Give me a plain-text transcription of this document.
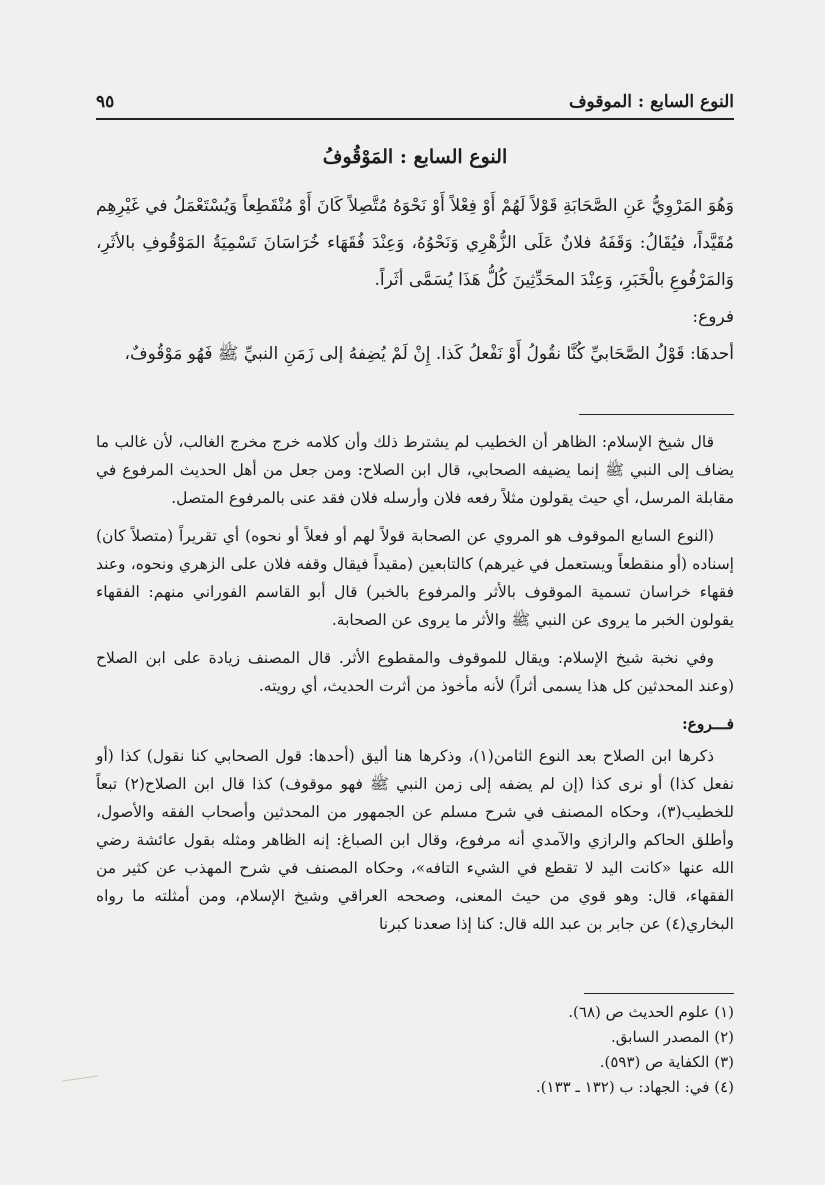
النوع السابع : الموقوف
٩٥
النوع السابع : المَوْقُوفُ

وَهُوَ المَرْوِيُّ عَنِ الصَّحَابَةِ قَوْلاً لَهُمْ أَوْ فِعْلاً أَوْ نَحْوَهُ مُتَّصِلاً كَانَ أَوْ مُنْقَطِعاً وَيُسْتَعْمَلُ في غَيْرِهِم مُقَيَّداً، فيُقَالُ: وَقَفَهُ فلانٌ عَلَى الزُّهْرِي وَنَحْوُهُ، وَعِنْدَ فُقَهَاء خُرَاسَانَ تَسْمِيَةُ المَوْقُوفِ بالأثَرِ، وَالمَرْفُوعِ بالْخَبَرِ، وَعِنْدَ المحَدِّثِينَ كُلُّ هَذَا يُسَمَّى أثَراً.

فروع:

أحدهَا: قَوْلُ الصَّحَابيِّ كُنَّا نقُولُ أَوْ نَفْعلُ كَذا. إِنْ لَمْ يُضِفهُ إلى زَمَنِ النبيِّ ﷺ فَهُو مَوْقُوفٌ،

قال شيخ الإسلام: الظاهر أن الخطيب لم يشترط ذلك وأن كلامه خرج مخرج الغالب، لأن غالب ما يضاف إلى النبي ﷺ إنما يضيفه الصحابي، قال ابن الصلاح: ومن جعل من أهل الحديث المرفوع في مقابلة المرسل، أي حيث يقولون مثلاً رفعه فلان وأرسله فلان فقد عنى بالمرفوع المتصل.

(النوع السابع الموقوف هو المروي عن الصحابة قولاً لهم أو فعلاً أو نحوه) أي تقريراً (متصلاً كان) إسناده (أو منقطعاً ويستعمل في غيرهم) كالتابعين (مقيداً فيقال وقفه فلان على الزهري ونحوه، وعند فقهاء خراسان تسمية الموقوف بالأثر والمرفوع بالخبر) قال أبو القاسم الفوراني منهم: الفقهاء يقولون الخبر ما يروى عن النبي ﷺ والأثر ما يروى عن الصحابة.

وفي نخبة شيخ الإسلام: ويقال للموقوف والمقطوع الأثر. قال المصنف زيادة على ابن الصلاح (وعند المحدثين كل هذا يسمى أثراً) لأنه مأخوذ من أثرت الحديث، أي رويته.

فـــروع:

ذكرها ابن الصلاح بعد النوع الثامن(١)، وذكرها هنا أليق (أحدها: قول الصحابي كنا نقول) كذا (أو نفعل كذا) أو نرى كذا (إن لم يضفه إلى زمن النبي ﷺ فهو موقوف) كذا قال ابن الصلاح(٢) تبعاً للخطيب(٣)، وحكاه المصنف في شرح مسلم عن الجمهور من المحدثين وأصحاب الفقه والأصول، وأطلق الحاكم والرازي والآمدي أنه مرفوع، وقال ابن الصباغ: إنه الظاهر ومثله بقول عائشة رضي الله عنها «كانت اليد لا تقطع في الشيء التافه»، وحكاه المصنف في شرح المهذب عن كثير من الفقهاء، قال: وهو قوي من حيث المعنى، وصححه العراقي وشيخ الإسلام، ومن أمثلته ما رواه البخاري(٤) عن جابر بن عبد الله قال: كنا إذا صعدنا كبرنا

(١) علوم الحديث ص (٦٨).
(٢) المصدر السابق.
(٣) الكفاية ص (٥٩٣).
(٤) في: الجهاد: ب (١٣٢ ـ ١٣٣).
